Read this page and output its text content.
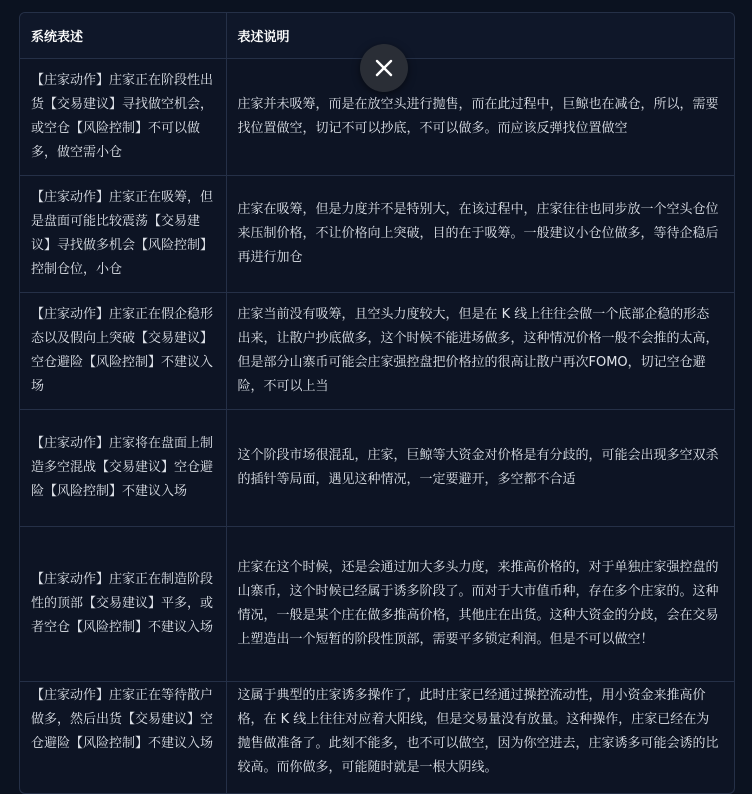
系统表述	表述说明
【庄家动作】庄家正在阶段性出货【交易建议】寻找做空机会，或空仓【风险控制】不可以做多，做空需小仓	庄家并未吸筹，而是在放空头进行抛售，而在此过程中，巨鲸也在减仓，所以，需要找位置做空，切记不可以抄底，不可以做多。而应该反弹找位置做空
【庄家动作】庄家正在吸筹，但是盘面可能比较震荡【交易建议】寻找做多机会【风险控制】控制仓位，小仓	庄家在吸筹，但是力度并不是特别大，在该过程中，庄家往往也同步放一个空头仓位来压制价格，不让价格向上突破，目的在于吸筹。一般建议小仓位做多，等待企稳后再进行加仓
【庄家动作】庄家正在假企稳形态以及假向上突破【交易建议】空仓避险【风险控制】不建议入场	庄家当前没有吸筹，且空头力度较大，但是在 K 线上往往会做一个底部企稳的形态出来，让散户抄底做多，这个时候不能进场做多，这种情况价格一般不会推的太高，但是部分山寨币可能会庄家强控盘把价格拉的很高让散户再次FOMO，切记空仓避险，不可以上当
【庄家动作】庄家将在盘面上制造多空混战【交易建议】空仓避险【风险控制】不建议入场	这个阶段市场很混乱，庄家，巨鲸等大资金对价格是有分歧的，可能会出现多空双杀的插针等局面，遇见这种情况，一定要避开，多空都不合适
【庄家动作】庄家正在制造阶段性的顶部【交易建议】平多，或者空仓【风险控制】不建议入场	庄家在这个时候，还是会通过加大多头力度，来推高价格的，对于单独庄家强控盘的山寨币，这个时候已经属于诱多阶段了。而对于大市值币种，存在多个庄家的。这种情况，一般是某个庄在做多推高价格，其他庄在出货。这种大资金的分歧，会在交易上塑造出一个短暂的阶段性顶部，需要平多锁定利润。但是不可以做空！

【庄家动作】庄家正在等待散户做多，然后出货【交易建议】空仓避险【风险控制】不建议入场	这属于典型的庄家诱多操作了，此时庄家已经通过操控流动性，用小资金来推高价格，在 K 线上往往对应着大阳线，但是交易量没有放量。这种操作，庄家已经在为抛售做准备了。此刻不能多，也不可以做空，因为你空进去，庄家诱多可能会诱的比较高。而你做多，可能随时就是一根大阴线。
